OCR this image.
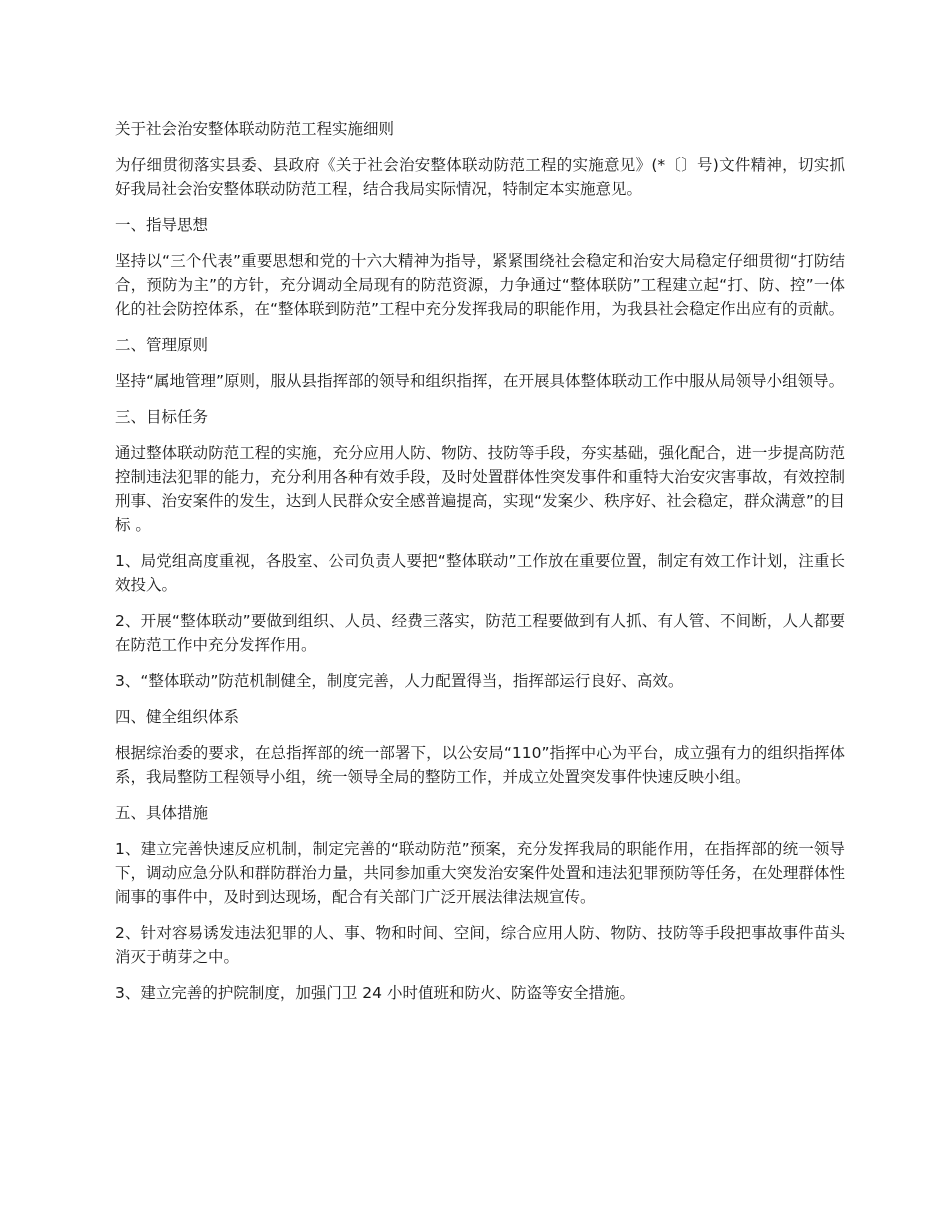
关于社会治安整体联动防范工程实施细则

为仔细贯彻落实县委、县政府《关于社会治安整体联动防范工程的实施意见》(*〔〕号)文件精神，切实抓好我局社会治安整体联动防范工程，结合我局实际情况，特制定本实施意见。

一、指导思想

坚持以“三个代表”重要思想和党的十六大精神为指导，紧紧围绕社会稳定和治安大局稳定仔细贯彻“打防结合，预防为主”的方针，充分调动全局现有的防范资源，力争通过“整体联防”工程建立起“打、防、控”一体化的社会防控体系，在“整体联到防范”工程中充分发挥我局的职能作用，为我县社会稳定作出应有的贡献。

二、管理原则

坚持“属地管理”原则，服从县指挥部的领导和组织指挥，在开展具体整体联动工作中服从局领导小组领导。

三、目标任务

通过整体联动防范工程的实施，充分应用人防、物防、技防等手段，夯实基础，强化配合，进一步提高防范控制违法犯罪的能力，充分利用各种有效手段，及时处置群体性突发事件和重特大治安灾害事故，有效控制刑事、治安案件的发生，达到人民群众安全感普遍提高，实现“发案少、秩序好、社会稳定，群众满意”的目标 。

1、局党组高度重视，各股室、公司负责人要把“整体联动”工作放在重要位置，制定有效工作计划，注重长效投入。

2、开展“整体联动”要做到组织、人员、经费三落实，防范工程要做到有人抓、有人管、不间断，人人都要在防范工作中充分发挥作用。

3、“整体联动”防范机制健全，制度完善，人力配置得当，指挥部运行良好、高效。

四、健全组织体系

根据综治委的要求，在总指挥部的统一部署下，以公安局“110”指挥中心为平台，成立强有力的组织指挥体系，我局整防工程领导小组，统一领导全局的整防工作，并成立处置突发事件快速反映小组。

五、具体措施

1、建立完善快速反应机制，制定完善的“联动防范”预案，充分发挥我局的职能作用，在指挥部的统一领导下，调动应急分队和群防群治力量，共同参加重大突发治安案件处置和违法犯罪预防等任务，在处理群体性闹事的事件中，及时到达现场，配合有关部门广泛开展法律法规宣传。

2、针对容易诱发违法犯罪的人、事、物和时间、空间，综合应用人防、物防、技防等手段把事故事件苗头消灭于萌芽之中。

3、建立完善的护院制度，加强门卫 24 小时值班和防火、防盗等安全措施。
